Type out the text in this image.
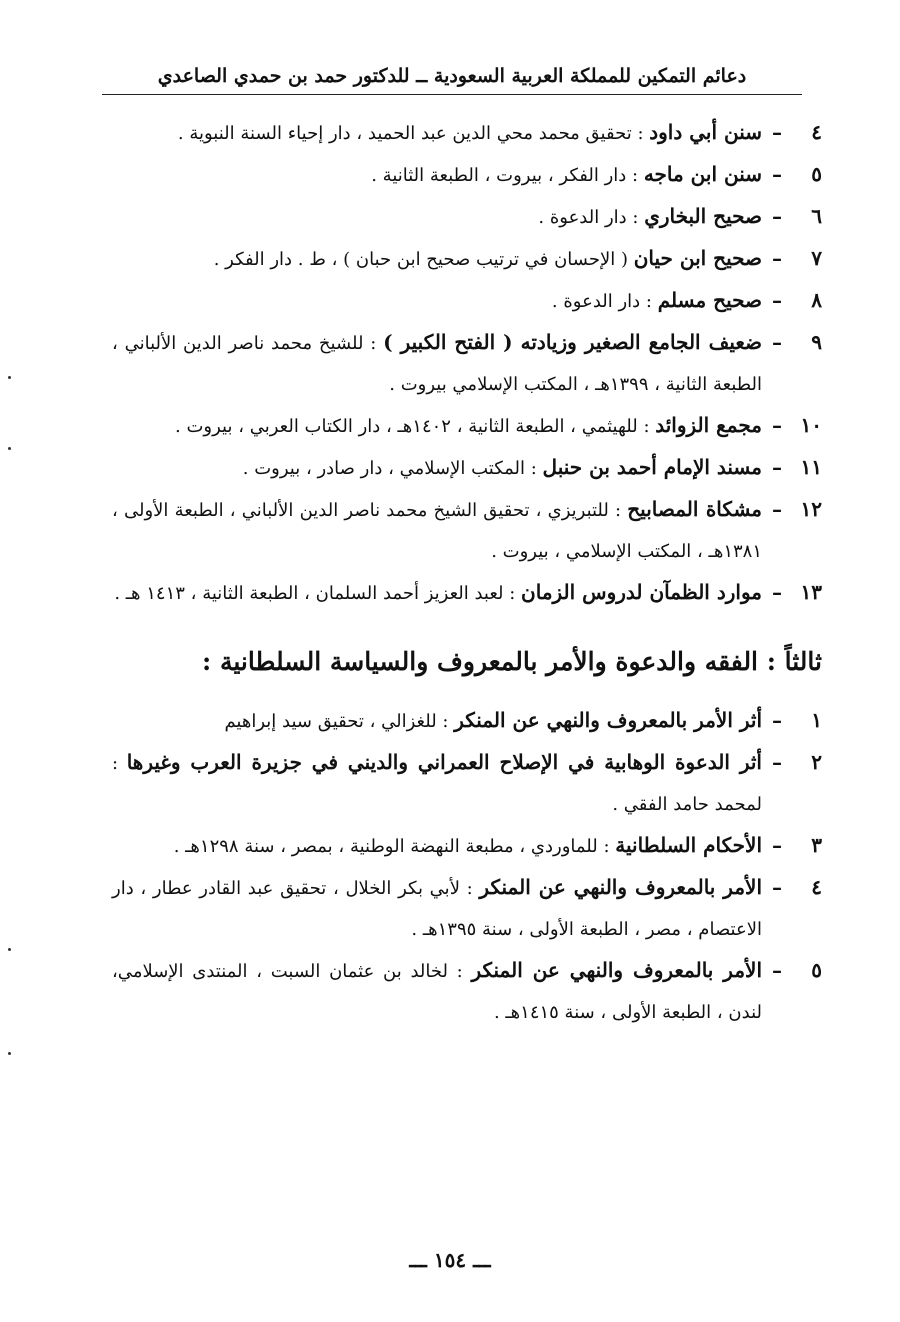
دعائم التمكين للمملكة العربية السعودية ــ للدكتور حمد بن حمدي الصاعدي
٤
–
سنن أبي داود : تحقيق محمد محي الدين عبد الحميد ، دار إحياء السنة النبوية .
٥
–
سنن ابن ماجه : دار الفكر ، بيروت ، الطبعة الثانية .
٦
–
صحيح البخاري : دار الدعوة .
٧
–
صحيح ابن حيان ( الإحسان في ترتيب صحيح ابن حبان ) ، ط . دار الفكر .
٨
–
صحيح مسلم : دار الدعوة .
٩
–
ضعيف الجامع الصغير وزيادته ( الفتح الكبير ) : للشيخ محمد ناصر الدين الألباني ، الطبعة الثانية ، ١٣٩٩هـ ، المكتب الإسلامي بيروت .
١٠
–
مجمع الزوائد : للهيثمي ، الطبعة الثانية ، ١٤٠٢هـ ، دار الكتاب العربي ، بيروت .
١١
–
مسند الإمام أحمد بن حنبل : المكتب الإسلامي ، دار صادر ، بيروت .
١٢
–
مشكاة المصابيح : للتبريزي ، تحقيق الشيخ محمد ناصر الدين الألباني ، الطبعة الأولى ، ١٣٨١هـ ، المكتب الإسلامي ، بيروت .
١٣
–
موارد الظمآن لدروس الزمان : لعبد العزيز أحمد السلمان ، الطبعة الثانية ، ١٤١٣ هـ .
ثالثاً : الفقه والدعوة والأمر بالمعروف والسياسة السلطانية :
١
–
أثر الأمر بالمعروف والنهي عن المنكر : للغزالي ، تحقيق سيد إبراهيم
٢
–
أثر الدعوة الوهابية في الإصلاح العمراني والديني في جزيرة العرب وغيرها : لمحمد حامد الفقي .
٣
–
الأحكام السلطانية : للماوردي ، مطبعة النهضة الوطنية ، بمصر ، سنة ١٢٩٨هـ .
٤
–
الأمر بالمعروف والنهي عن المنكر : لأبي بكر الخلال ، تحقيق عبد القادر عطار ، دار الاعتصام ، مصر ، الطبعة الأولى ، سنة ١٣٩٥هـ .
٥
–
الأمر بالمعروف والنهي عن المنكر : لخالد بن عثمان السبت ، المنتدى الإسلامي، لندن ، الطبعة الأولى ، سنة ١٤١٥هـ .
ـــ ١٥٤ ـــ
